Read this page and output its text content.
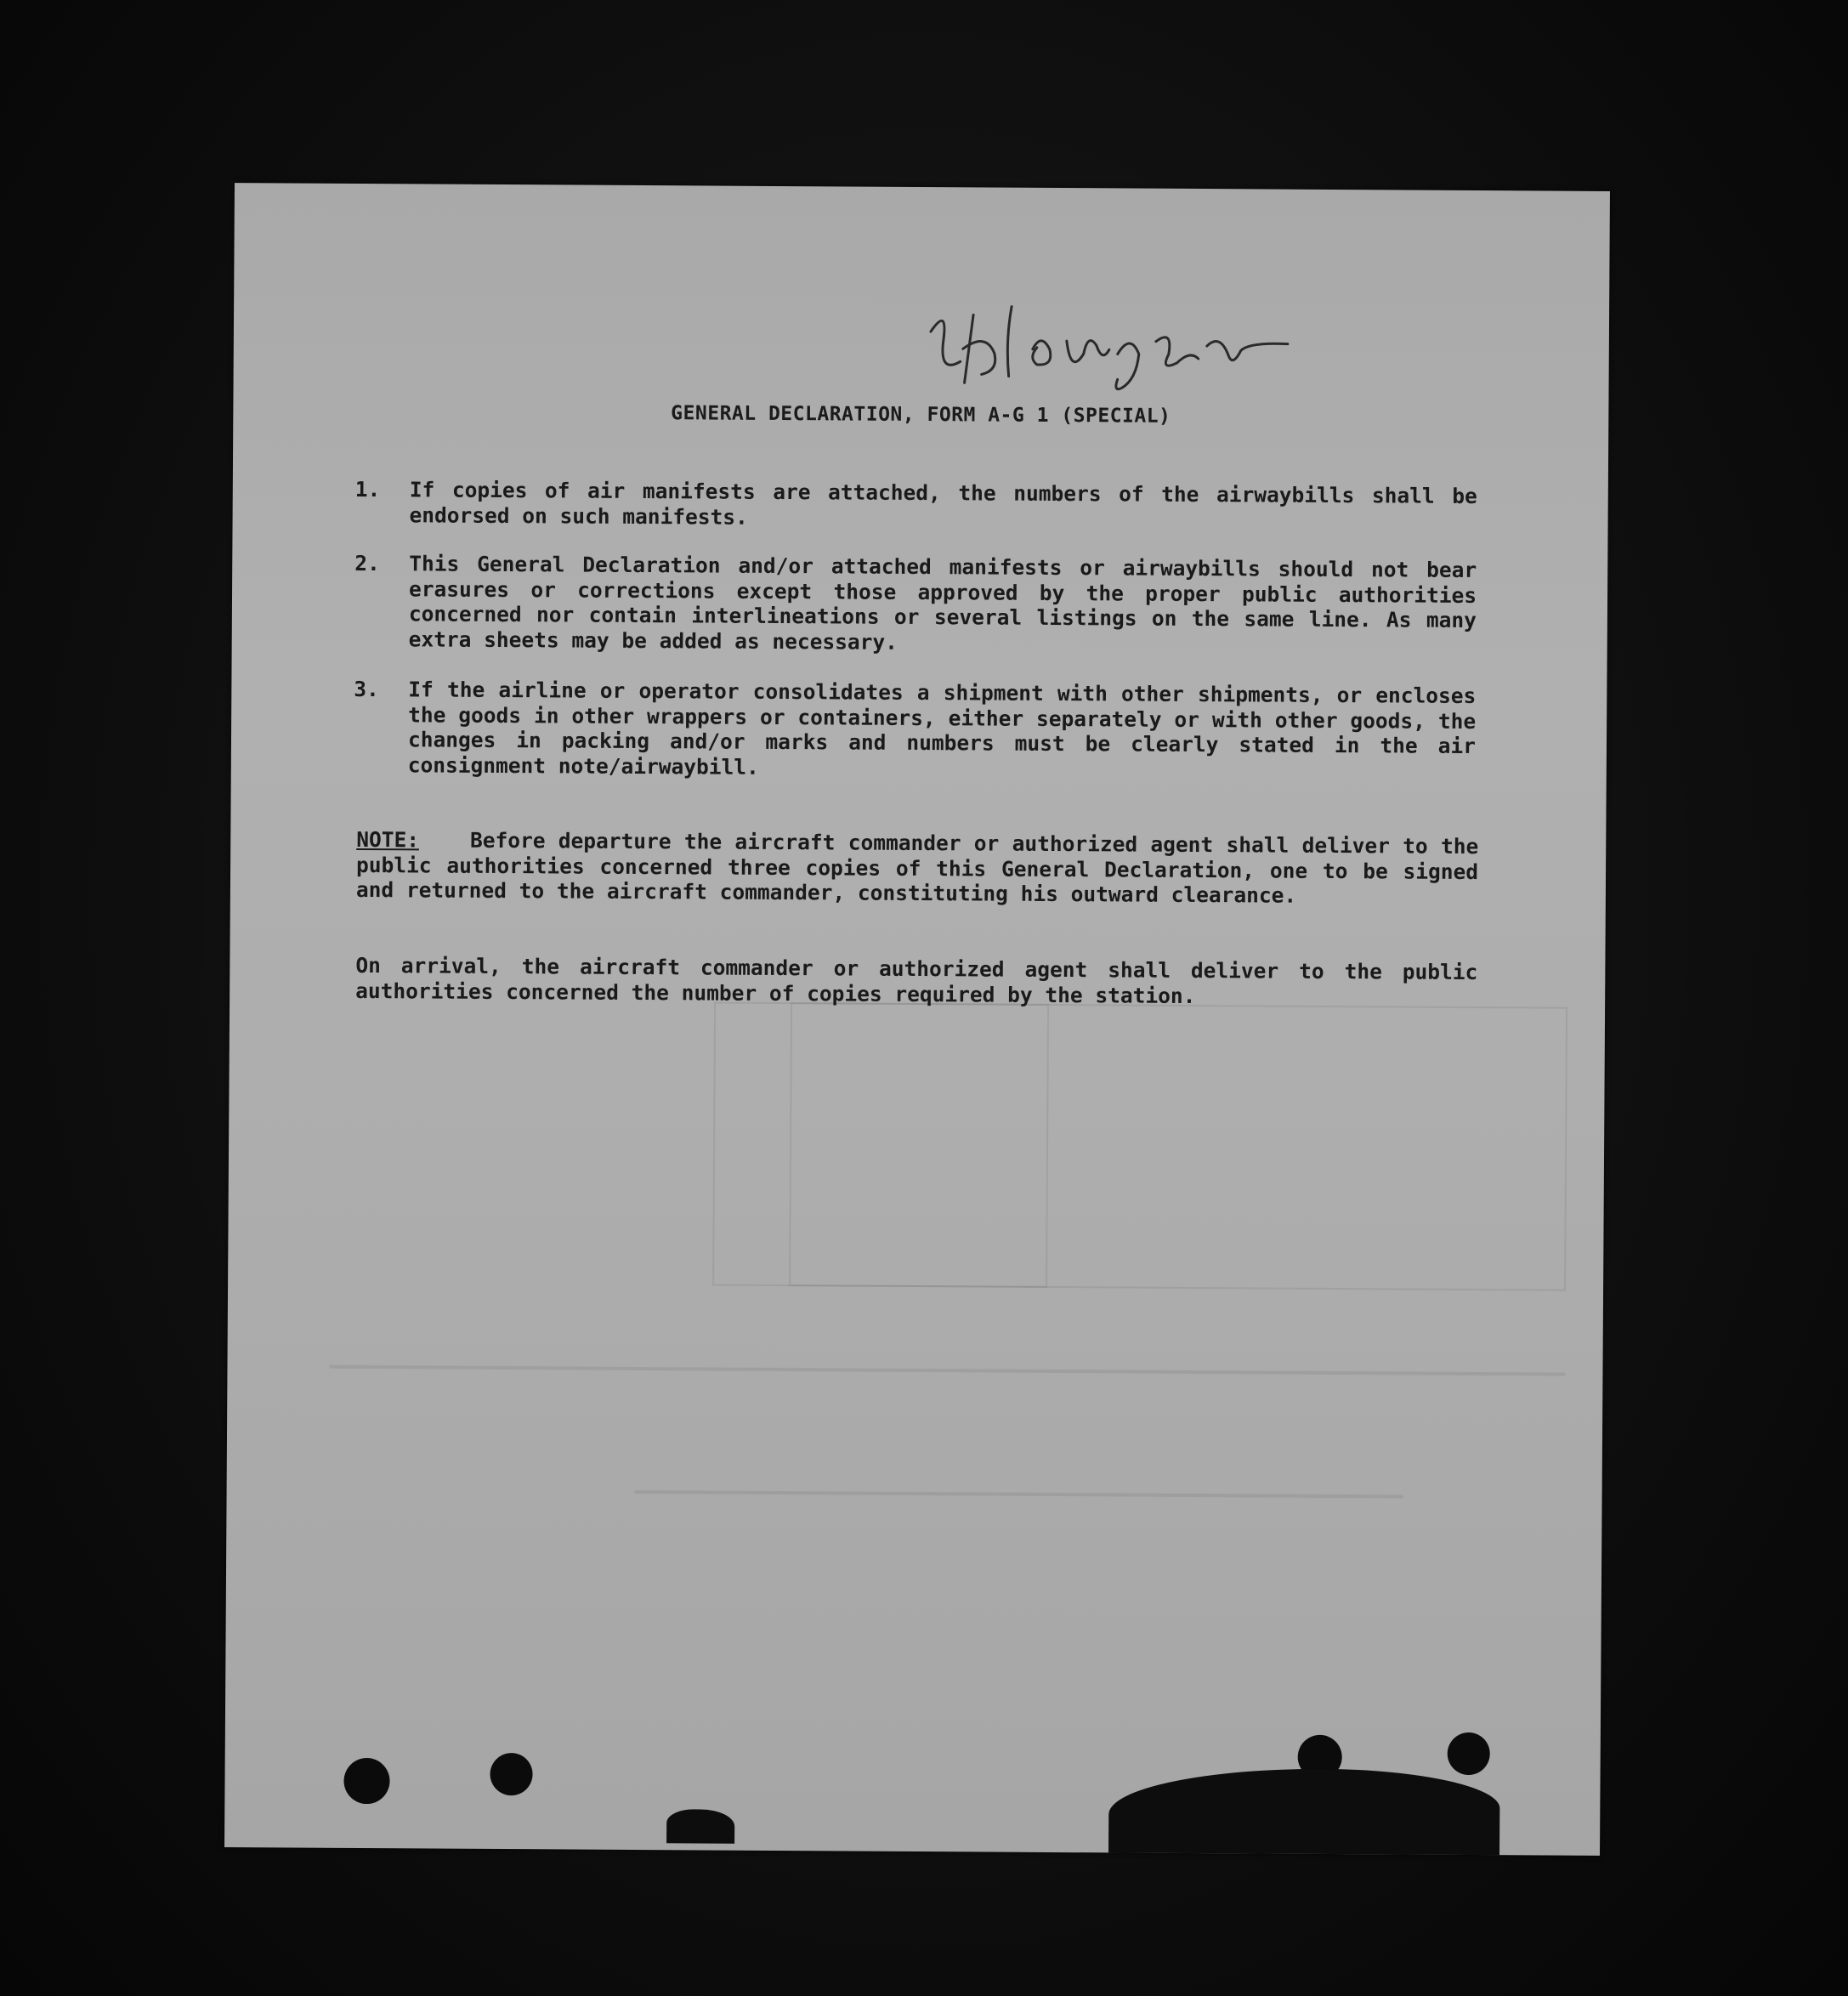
GENERAL DECLARATION, FORM A-G 1 (SPECIAL)
1.	If copies of air manifests are attached, the numbers of the airwaybills shall be endorsed on such manifests.

2.	This General Declaration and/or attached manifests or airwaybills should not bear erasures or corrections except those approved by the proper public authorities concerned nor contain interlineations or several listings on the same line. As many extra sheets may be added as necessary.

3.	If the airline or operator consolidates a shipment with other shipments, or encloses the goods in other wrappers or containers, either separately or with other goods, the changes in packing and/or marks and numbers must be clearly stated in the air consignment note/airwaybill.

NOTE: Before departure the aircraft commander or authorized agent shall deliver to the public authorities concerned three copies of this General Declaration, one to be signed and returned to the aircraft commander, constituting his outward clearance.

On arrival, the aircraft commander or authorized agent shall deliver to the public authorities concerned the number of copies required by the station.
